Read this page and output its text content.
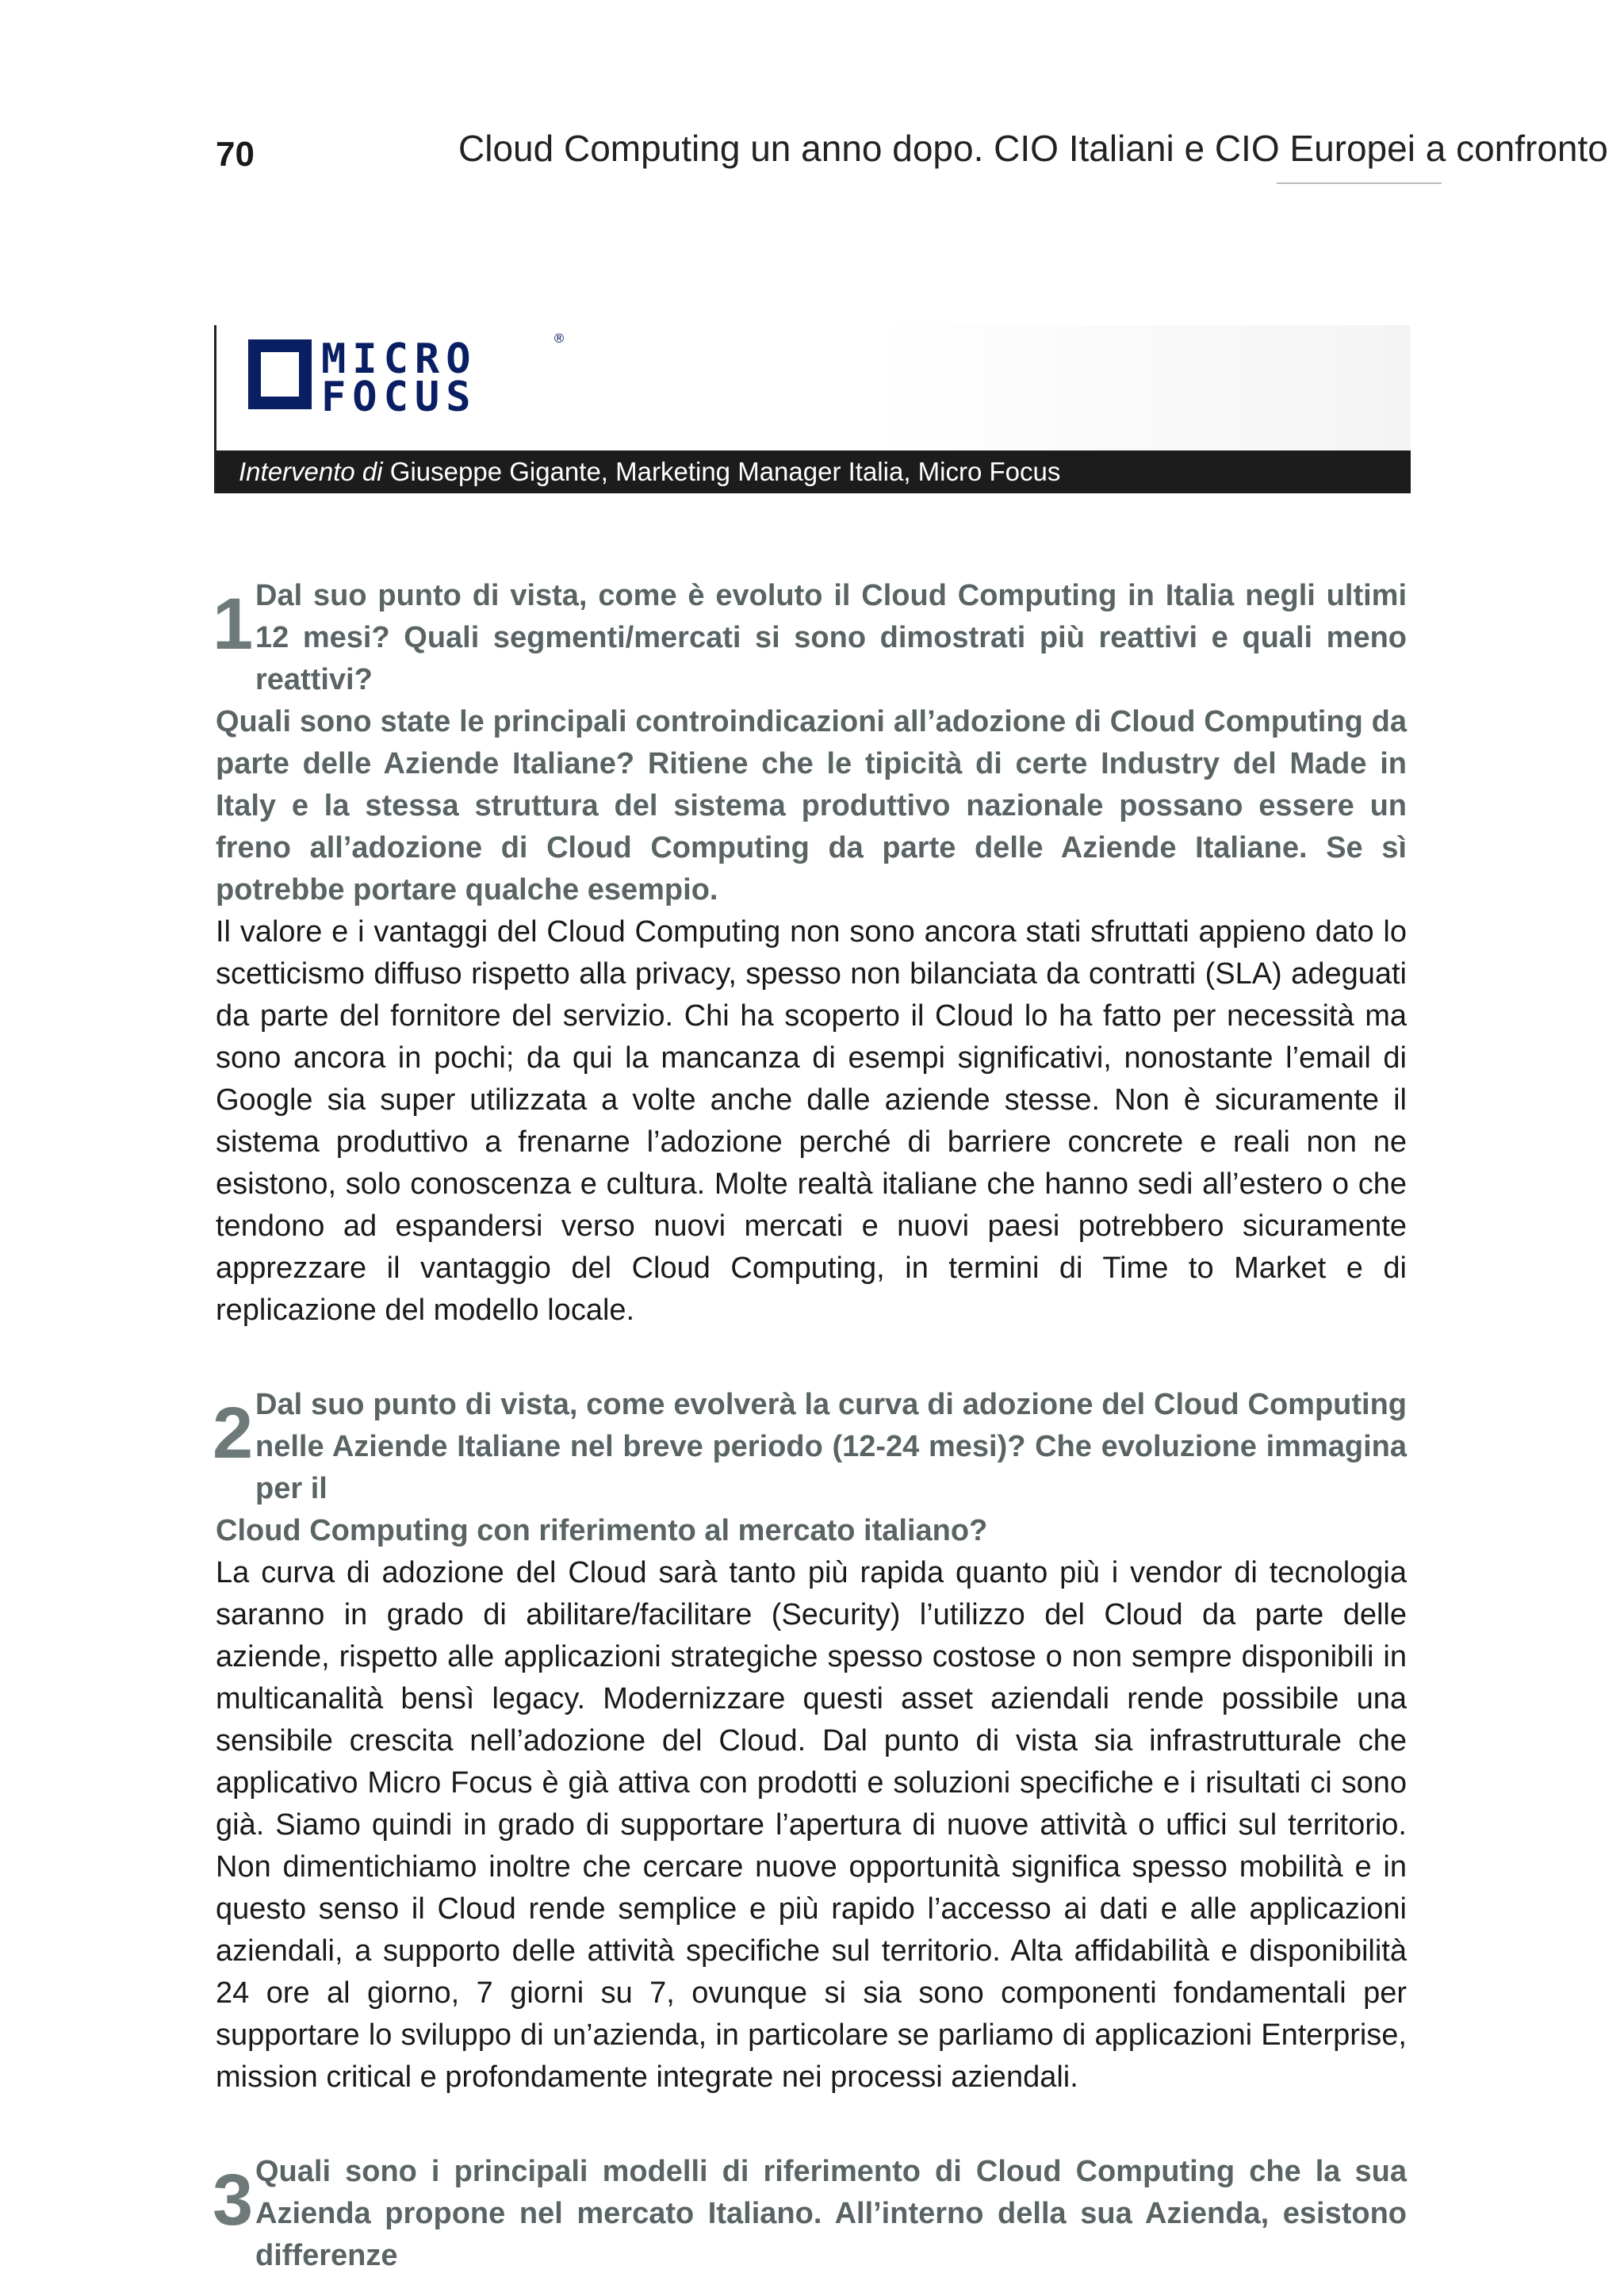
70	Cloud Computing un anno dopo. CIO Italiani e CIO Europei a confronto
MICRO
FOCUS
®
Intervento di Giuseppe Gigante, Marketing Manager Italia, Micro Focus
1 Dal suo punto di vista, come è evoluto il Cloud Computing in Italia negli ultimi 12 mesi? Quali segmenti/mercati si sono dimostrati più reattivi e quali meno reattivi?
Quali sono state le principali controindicazioni all’adozione di Cloud Computing da parte delle Aziende Italiane? Ritiene che le tipicità di certe Industry del Made in Italy e la stessa struttura del sistema produttivo nazionale possano essere un freno all’adozione di Cloud Computing da parte delle Aziende Italiane. Se sì potrebbe portare qualche esempio.

Il valore e i vantaggi del Cloud Computing non sono ancora stati sfruttati appieno dato lo scetticismo diffuso rispetto alla privacy, spesso non bilanciata da contratti (SLA) adeguati da parte del fornitore del servizio. Chi ha scoperto il Cloud lo ha fatto per necessità ma sono ancora in pochi; da qui la mancanza di esempi significativi, nonostante l’email di Google sia super utilizzata a volte anche dalle aziende stesse. Non è sicuramente il sistema produttivo a frenarne l’adozione perché di barriere concrete e reali non ne esistono, solo conoscenza e cultura. Molte realtà italiane che hanno sedi all’estero o che tendono ad espandersi verso nuovi mercati e nuovi paesi potrebbero sicuramente apprezzare il vantaggio del Cloud Computing, in termini di Time to Market e di replicazione del modello locale.

2 Dal suo punto di vista, come evolverà la curva di adozione del Cloud Computing nelle Aziende Italiane nel breve periodo (12-24 mesi)? Che evoluzione immagina per il
Cloud Computing con riferimento al mercato italiano?

La curva di adozione del Cloud sarà tanto più rapida quanto più i vendor di tecnologia saranno in grado di abilitare/facilitare (Security) l’utilizzo del Cloud da parte delle aziende, rispetto alle applicazioni strategiche spesso costose o non sempre disponibili in multicanalità bensì legacy. Modernizzare questi asset aziendali rende possibile una sensibile crescita nell’adozione del Cloud. Dal punto di vista sia infrastrutturale che applicativo Micro Focus è già attiva con prodotti e soluzioni specifiche e i risultati ci sono già. Siamo quindi in grado di supportare l’apertura di nuove attività o uffici sul territorio. Non dimentichiamo inoltre che cercare nuove opportunità significa spesso mobilità e in questo senso il Cloud rende semplice e più rapido l’accesso ai dati e alle applicazioni aziendali, a supporto delle attività specifiche sul territorio. Alta affidabilità e disponibilità 24 ore al giorno, 7 giorni su 7, ovunque si sia sono componenti fondamentali per supportare lo sviluppo di un’azienda, in particolare se parliamo di applicazioni Enterprise, mission critical e profondamente integrate nei processi aziendali.

3 Quali sono i principali modelli di riferimento di Cloud Computing che la sua Azienda propone nel mercato Italiano. All’interno della sua Azienda, esistono differenze
